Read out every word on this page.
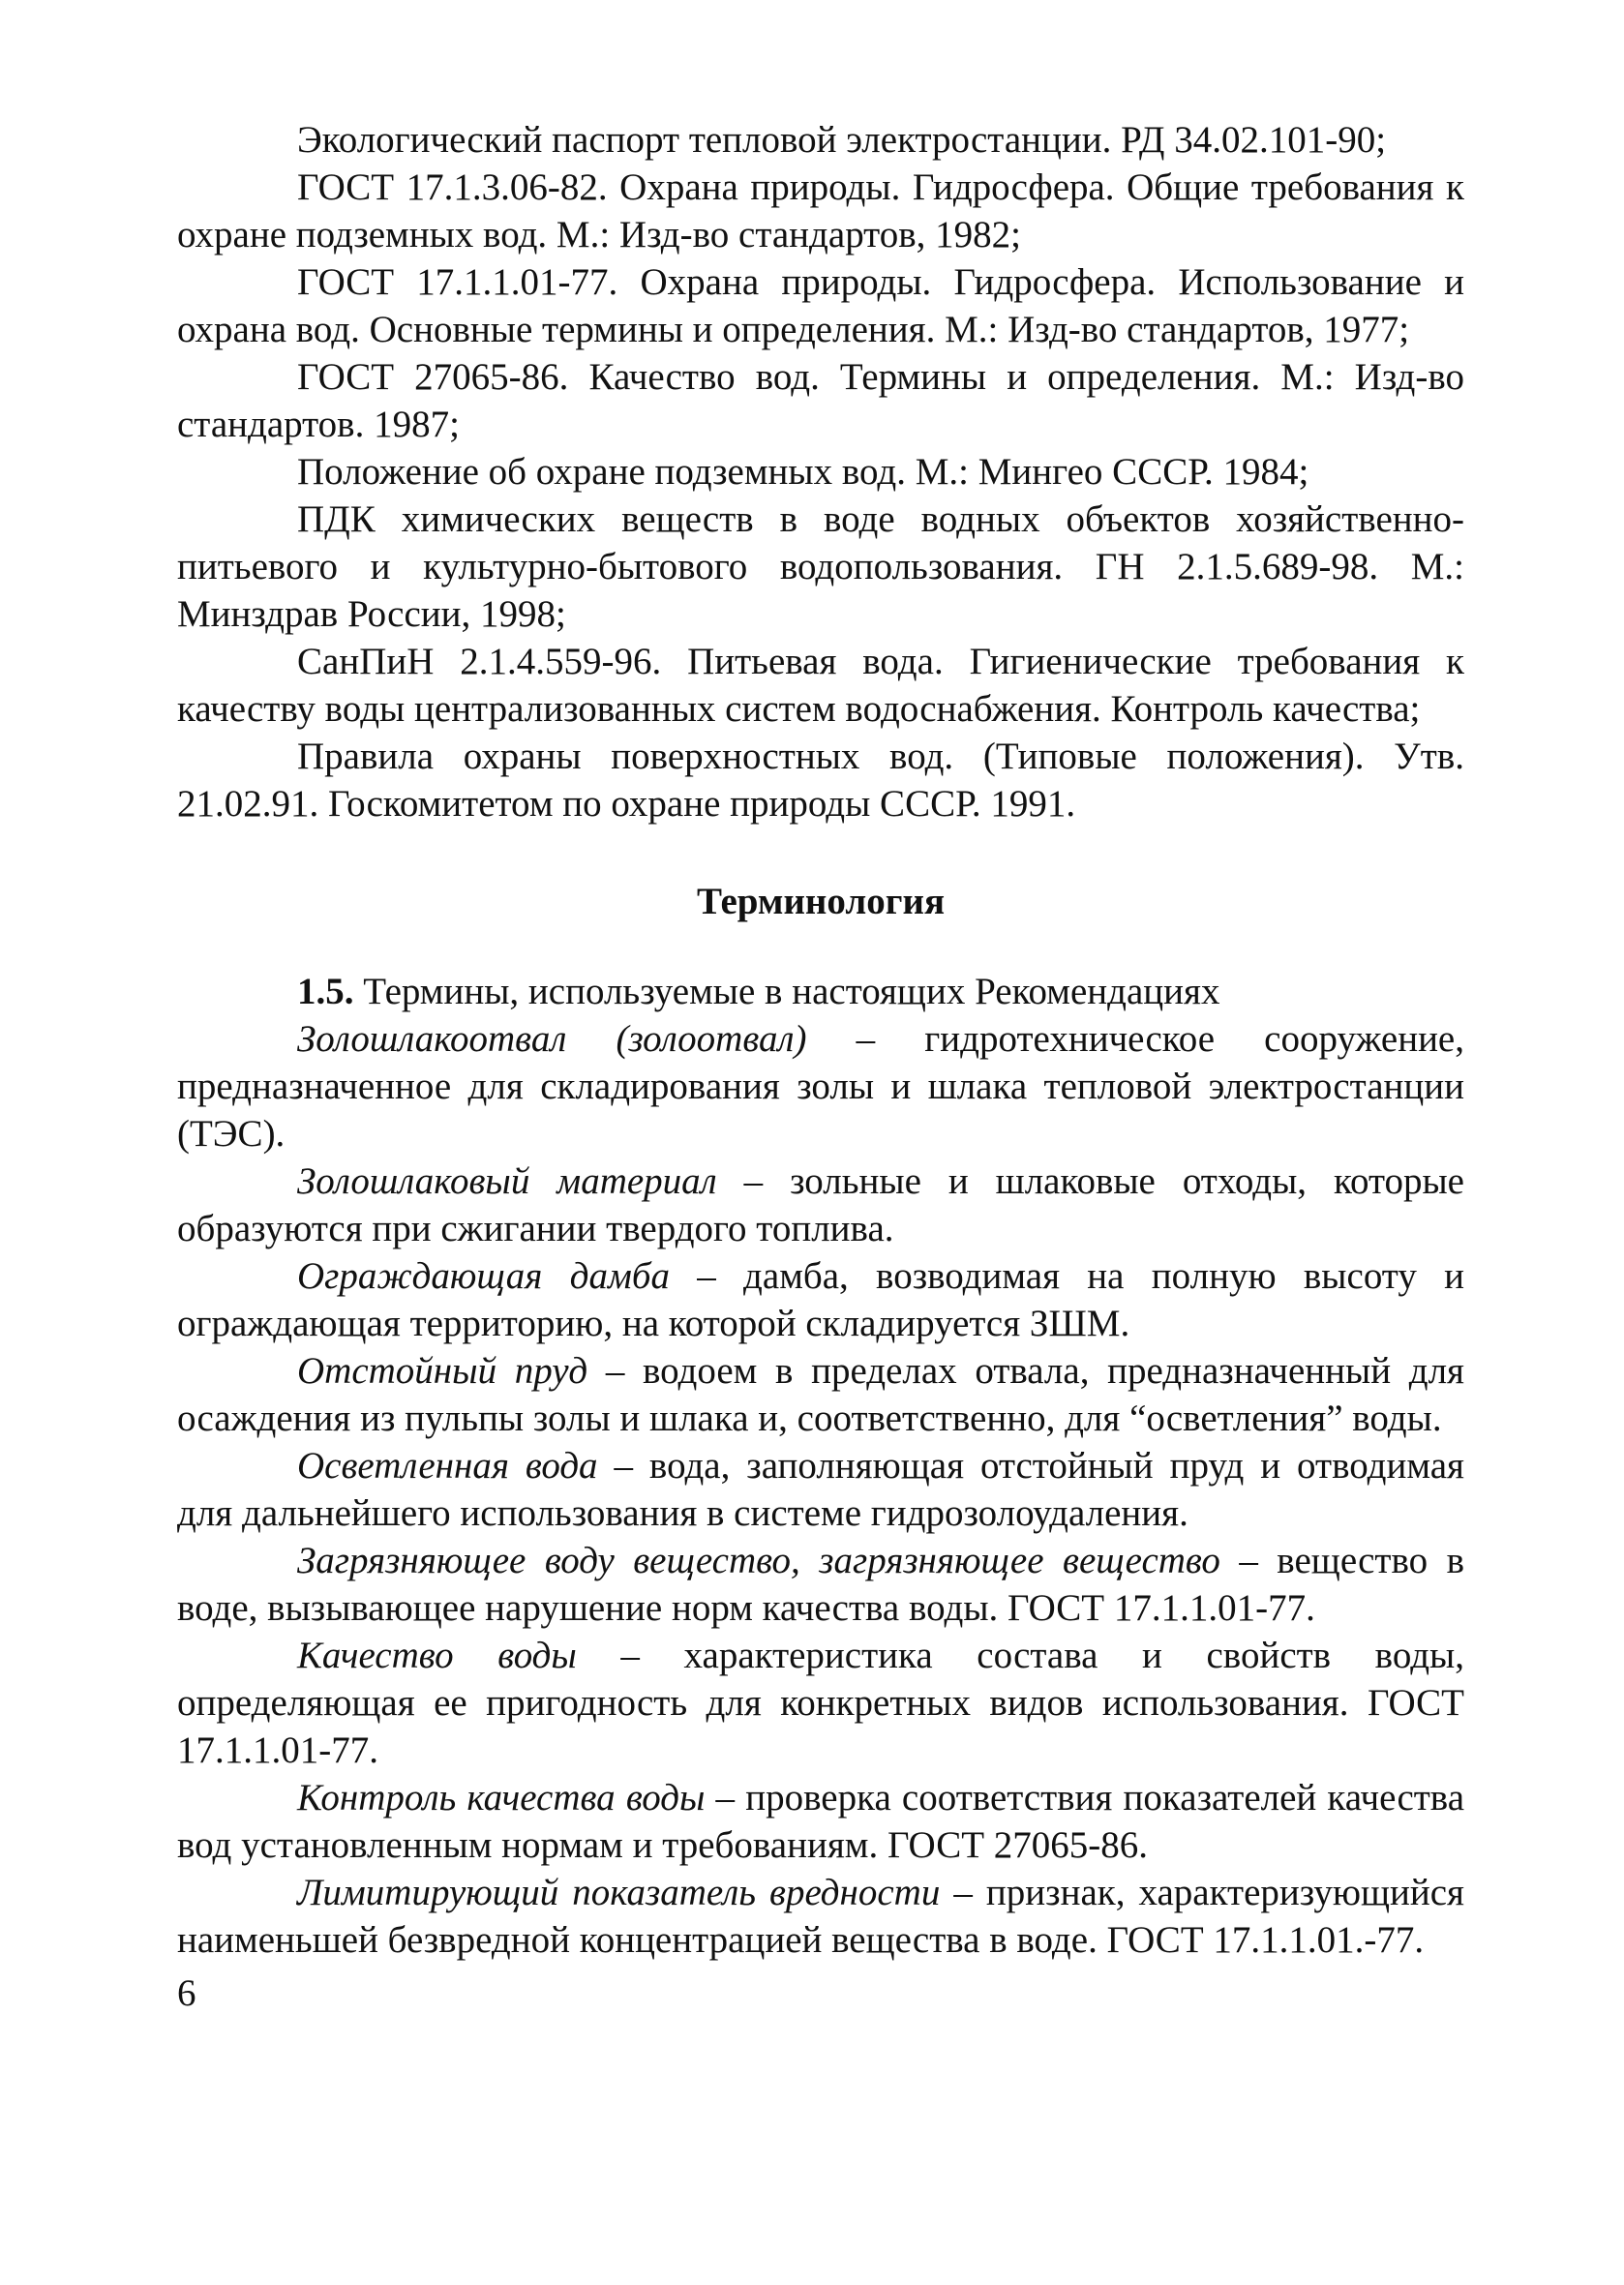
Экологический паспорт тепловой электростанции. РД 34.02.101-90;

ГОСТ 17.1.3.06-82. Охрана природы. Гидросфера. Общие требования к охране подземных вод. М.: Изд-во стандартов, 1982;

ГОСТ 17.1.1.01-77. Охрана природы. Гидросфера. Использование и охрана вод. Основные термины и определения. М.: Изд-во стандартов, 1977;

ГОСТ 27065-86. Качество вод. Термины и определения. М.: Изд-во стандартов. 1987;

Положение об охране подземных вод. М.: Мингео СССР. 1984;

ПДК химических веществ в воде водных объектов хозяйственно-питьевого и культурно-бытового водопользования. ГН 2.1.5.689-98. М.: Минздрав России, 1998;

СанПиН 2.1.4.559-96. Питьевая вода. Гигиенические требования к качеству воды централизованных систем водоснабжения. Контроль качества;

Правила охраны поверхностных вод. (Типовые положения). Утв. 21.02.91. Госкомитетом по охране природы СССР. 1991.

Терминология

1.5. Термины, используемые в настоящих Рекомендациях

Золошлакоотвал (золоотвал) – гидротехническое сооружение, предназначенное для складирования золы и шлака тепловой электростанции (ТЭС).

Золошлаковый материал – зольные и шлаковые отходы, которые образуются при сжигании твердого топлива.

Ограждающая дамба – дамба, возводимая на полную высоту и ограждающая территорию, на которой складируется ЗШМ.

Отстойный пруд – водоем в пределах отвала, предназначенный для осаждения из пульпы золы и шлака и, соответственно, для “осветления” воды.

Осветленная вода – вода, заполняющая отстойный пруд и отводимая для дальнейшего использования в системе гидрозолоудаления.

Загрязняющее воду вещество, загрязняющее вещество – вещество в воде, вызывающее нарушение норм качества воды. ГОСТ 17.1.1.01-77.

Качество воды – характеристика состава и свойств воды, определяющая ее пригодность для конкретных видов использования. ГОСТ 17.1.1.01-77.

Контроль качества воды – проверка соответствия показателей качества вод установленным нормам и требованиям. ГОСТ 27065-86.

Лимитирующий показатель вредности – признак, характеризующийся наименьшей безвредной концентрацией вещества в воде. ГОСТ 17.1.1.01.-77.

6
